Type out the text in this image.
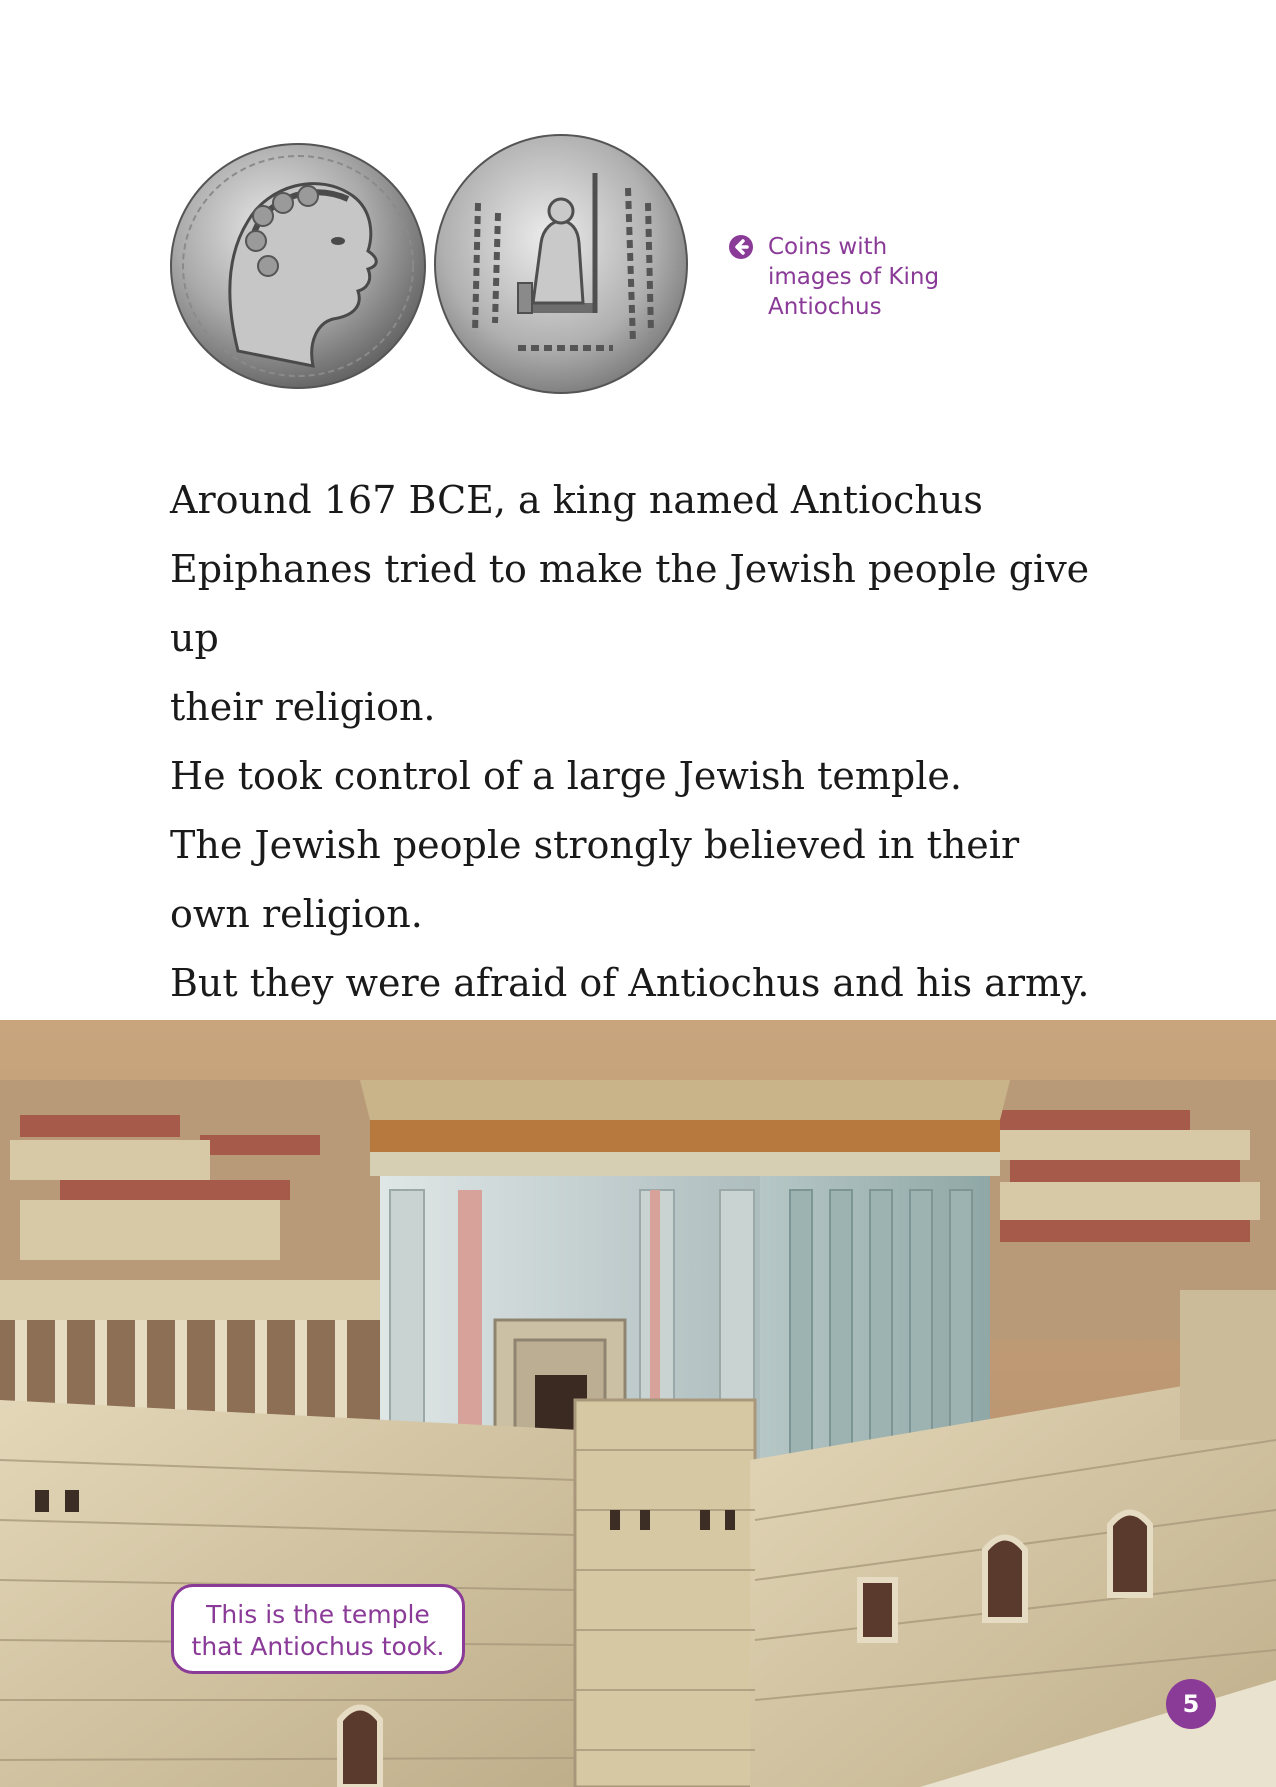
Coins with
images of King
Antiochus

Around 167 BCE, a king named Antiochus

Epiphanes tried to make the Jewish people give up

their religion.

He took control of a large Jewish temple.

The Jewish people strongly believed in their

own religion.

But they were afraid of Antiochus and his army.

This is the temple
that Antiochus took.
5
